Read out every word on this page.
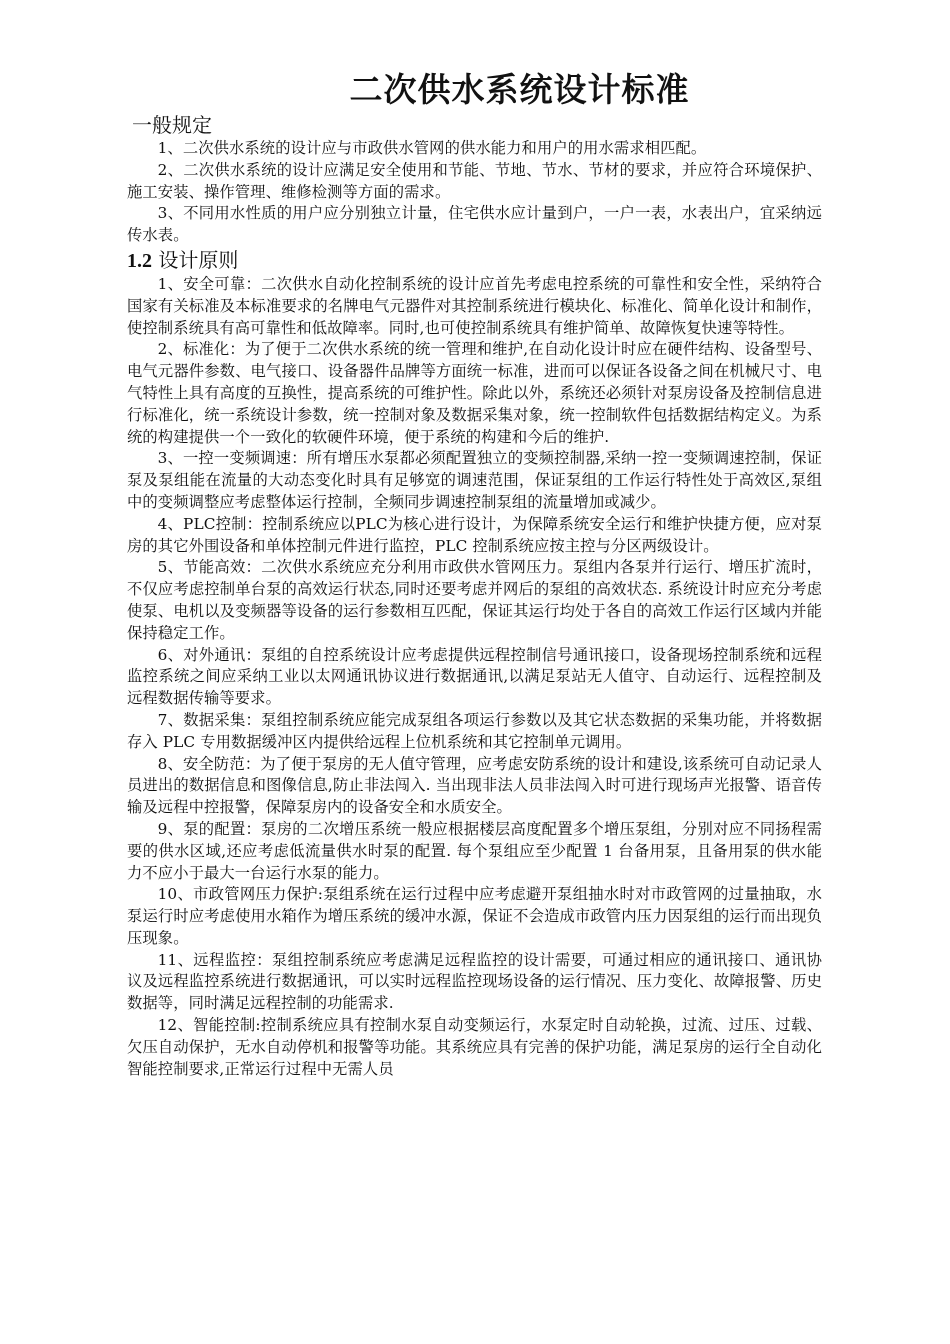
二次供水系统设计标准
一般规定

1、二次供水系统的设计应与市政供水管网的供水能力和用户的用水需求相匹配。

2、二次供水系统的设计应满足安全使用和节能、节地、节水、节材的要求，并应符合环境保护、施工安装、操作管理、维修检测等方面的需求。

3、不同用水性质的用户应分别独立计量，住宅供水应计量到户，一户一表，水表出户，宜采纳远传水表。

1.2 设计原则

1、安全可靠：二次供水自动化控制系统的设计应首先考虑电控系统的可靠性和安全性，采纳符合国家有关标准及本标准要求的名牌电气元器件对其控制系统进行模块化、标准化、简单化设计和制作，使控制系统具有高可靠性和低故障率。同时,也可使控制系统具有维护简单、故障恢复快速等特性。

2、标准化：为了便于二次供水系统的统一管理和维护,在自动化设计时应在硬件结构、设备型号、电气元器件参数、电气接口、设备器件品牌等方面统一标准，进而可以保证各设备之间在机械尺寸、电气特性上具有高度的互换性，提高系统的可维护性。除此以外，系统还必须针对泵房设备及控制信息进行标准化，统一系统设计参数，统一控制对象及数据采集对象，统一控制软件包括数据结构定义。为系统的构建提供一个一致化的软硬件环境，便于系统的构建和今后的维护.

3、一控一变频调速：所有增压水泵都必须配置独立的变频控制器,采纳一控一变频调速控制，保证泵及泵组能在流量的大动态变化时具有足够宽的调速范围，保证泵组的工作运行特性处于高效区,泵组中的变频调整应考虑整体运行控制，全频同步调速控制泵组的流量增加或减少。

4、PLC控制：控制系统应以PLC为核心进行设计，为保障系统安全运行和维护快捷方便，应对泵房的其它外围设备和单体控制元件进行监控，PLC 控制系统应按主控与分区两级设计。

5、节能高效：二次供水系统应充分利用市政供水管网压力。泵组内各泵并行运行、增压扩流时，不仅应考虑控制单台泵的高效运行状态,同时还要考虑并网后的泵组的高效状态. 系统设计时应充分考虑使泵、电机以及变频器等设备的运行参数相互匹配，保证其运行均处于各自的高效工作运行区域内并能保持稳定工作。

6、对外通讯：泵组的自控系统设计应考虑提供远程控制信号通讯接口，设备现场控制系统和远程监控系统之间应采纳工业以太网通讯协议进行数据通讯,以满足泵站无人值守、自动运行、远程控制及远程数据传输等要求。

7、数据采集：泵组控制系统应能完成泵组各项运行参数以及其它状态数据的采集功能，并将数据存入 PLC 专用数据缓冲区内提供给远程上位机系统和其它控制单元调用。

8、安全防范：为了便于泵房的无人值守管理，应考虑安防系统的设计和建设,该系统可自动记录人员进出的数据信息和图像信息,防止非法闯入. 当出现非法人员非法闯入时可进行现场声光报警、语音传输及远程中控报警，保障泵房内的设备安全和水质安全。

9、泵的配置：泵房的二次增压系统一般应根据楼层高度配置多个增压泵组，分别对应不同扬程需要的供水区域,还应考虑低流量供水时泵的配置. 每个泵组应至少配置 1 台备用泵，且备用泵的供水能力不应小于最大一台运行水泵的能力。

10、市政管网压力保护:泵组系统在运行过程中应考虑避开泵组抽水时对市政管网的过量抽取，水泵运行时应考虑使用水箱作为增压系统的缓冲水源，保证不会造成市政管内压力因泵组的运行而出现负压现象。

11、远程监控：泵组控制系统应考虑满足远程监控的设计需要，可通过相应的通讯接口、通讯协议及远程监控系统进行数据通讯，可以实时远程监控现场设备的运行情况、压力变化、故障报警、历史数据等，同时满足远程控制的功能需求.

12、智能控制:控制系统应具有控制水泵自动变频运行，水泵定时自动轮换，过流、过压、过载、欠压自动保护，无水自动停机和报警等功能。其系统应具有完善的保护功能，满足泵房的运行全自动化智能控制要求,正常运行过程中无需人员
